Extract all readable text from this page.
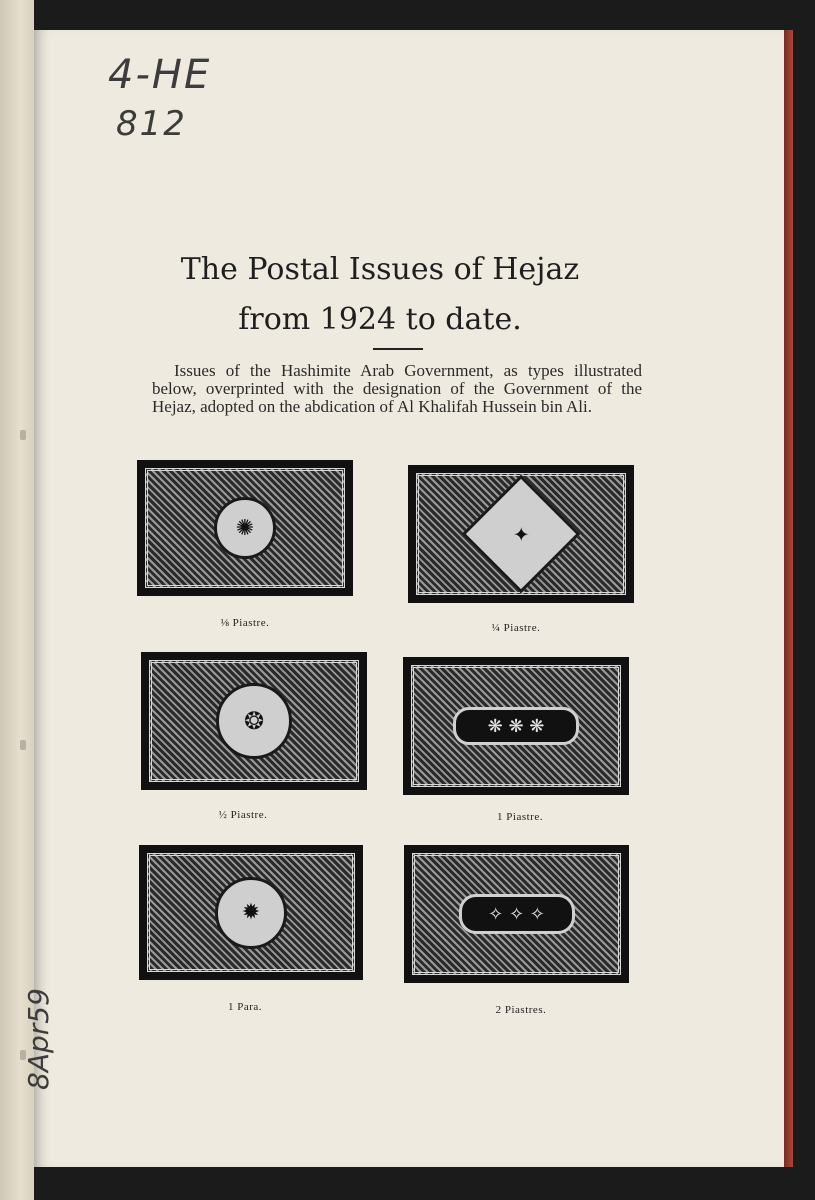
4-HE
812
8Apr59
The Postal Issues of Hejaz
from 1924 to date.
Issues of the Hashimite Arab Government, as types illustrated below, overprinted with the designation of the Government of the Hejaz, adopted on the abdication of Al Khalifah Hussein bin Ali.
✺
⅛ Piastre.
✦
¼ Piastre.
❂
½ Piastre.
❋ ❋ ❋
1 Piastre.
✹
1 Para.
✧ ✧ ✧
2 Piastres.
